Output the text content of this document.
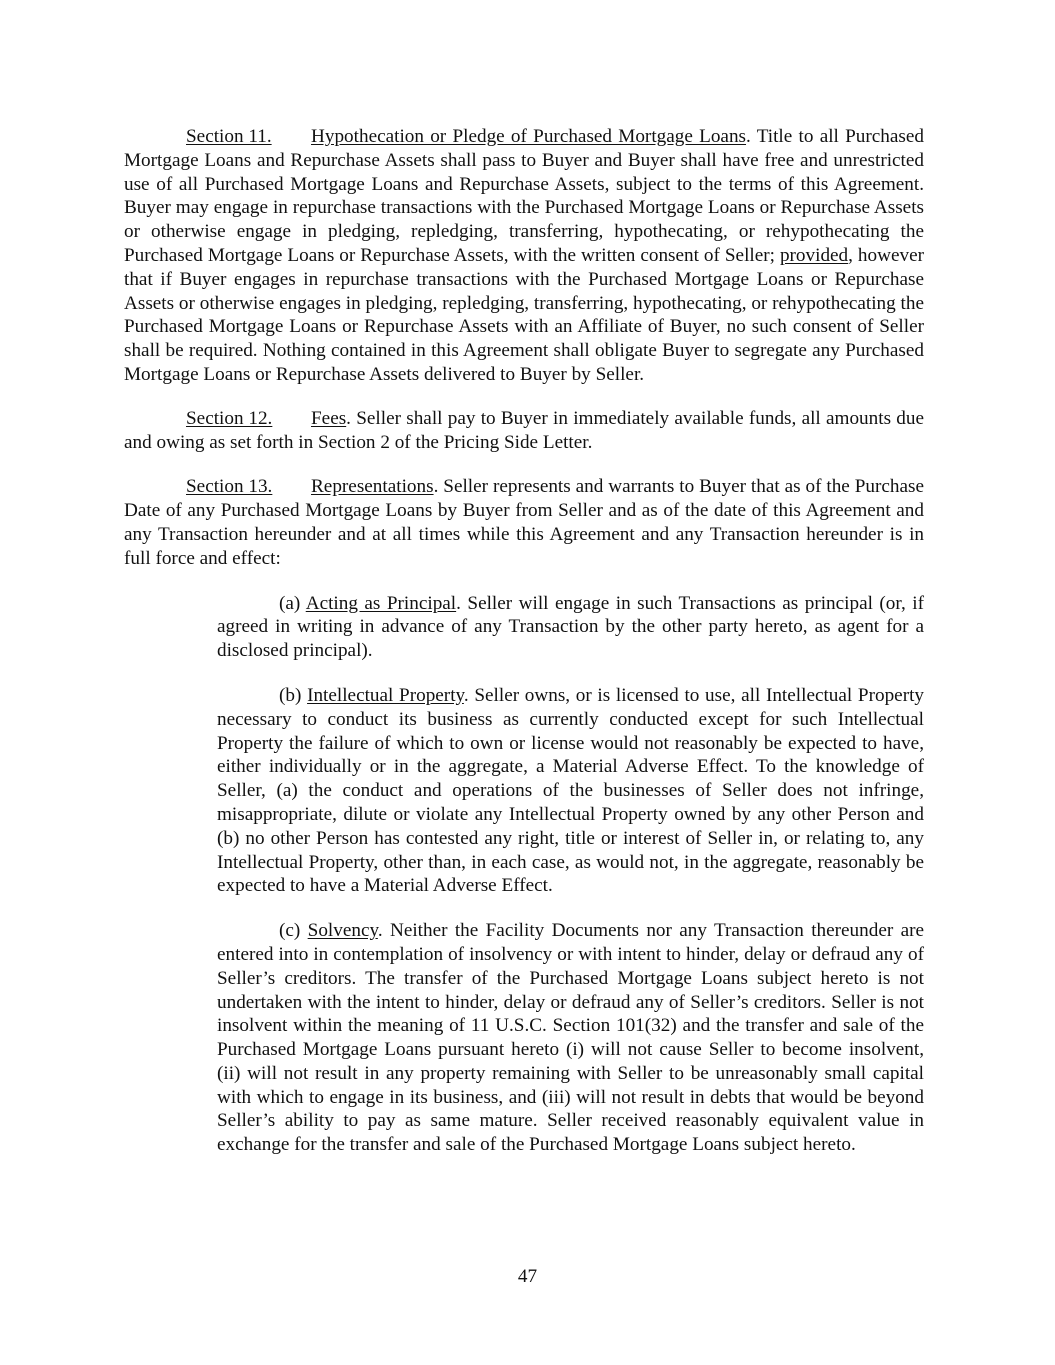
Section 11. Hypothecation or Pledge of Purchased Mortgage Loans. Title to all Purchased Mortgage Loans and Repurchase Assets shall pass to Buyer and Buyer shall have free and unrestricted use of all Purchased Mortgage Loans and Repurchase Assets, subject to the terms of this Agreement. Buyer may engage in repurchase transactions with the Purchased Mortgage Loans or Repurchase Assets or otherwise engage in pledging, repledging, transferring, hypothecating, or rehypothecating the Purchased Mortgage Loans or Repurchase Assets, with the written consent of Seller; provided, however that if Buyer engages in repurchase transactions with the Purchased Mortgage Loans or Repurchase Assets or otherwise engages in pledging, repledging, transferring, hypothecating, or rehypothecating the Purchased Mortgage Loans or Repurchase Assets with an Affiliate of Buyer, no such consent of Seller shall be required. Nothing contained in this Agreement shall obligate Buyer to segregate any Purchased Mortgage Loans or Repurchase Assets delivered to Buyer by Seller.

Section 12. Fees. Seller shall pay to Buyer in immediately available funds, all amounts due and owing as set forth in Section 2 of the Pricing Side Letter.

Section 13. Representations. Seller represents and warrants to Buyer that as of the Purchase Date of any Purchased Mortgage Loans by Buyer from Seller and as of the date of this Agreement and any Transaction hereunder and at all times while this Agreement and any Transaction hereunder is in full force and effect:

(a) Acting as Principal. Seller will engage in such Transactions as principal (or, if agreed in writing in advance of any Transaction by the other party hereto, as agent for a disclosed principal).

(b) Intellectual Property. Seller owns, or is licensed to use, all Intellectual Property necessary to conduct its business as currently conducted except for such Intellectual Property the failure of which to own or license would not reasonably be expected to have, either individually or in the aggregate, a Material Adverse Effect. To the knowledge of Seller, (a) the conduct and operations of the businesses of Seller does not infringe, misappropriate, dilute or violate any Intellectual Property owned by any other Person and (b) no other Person has contested any right, title or interest of Seller in, or relating to, any Intellectual Property, other than, in each case, as would not, in the aggregate, reasonably be expected to have a Material Adverse Effect.

(c) Solvency. Neither the Facility Documents nor any Transaction thereunder are entered into in contemplation of insolvency or with intent to hinder, delay or defraud any of Seller’s creditors. The transfer of the Purchased Mortgage Loans subject hereto is not undertaken with the intent to hinder, delay or defraud any of Seller’s creditors. Seller is not insolvent within the meaning of 11 U.S.C. Section 101(32) and the transfer and sale of the Purchased Mortgage Loans pursuant hereto (i) will not cause Seller to become insolvent, (ii) will not result in any property remaining with Seller to be unreasonably small capital with which to engage in its business, and (iii) will not result in debts that would be beyond Seller’s ability to pay as same mature. Seller received reasonably equivalent value in exchange for the transfer and sale of the Purchased Mortgage Loans subject hereto.

47
